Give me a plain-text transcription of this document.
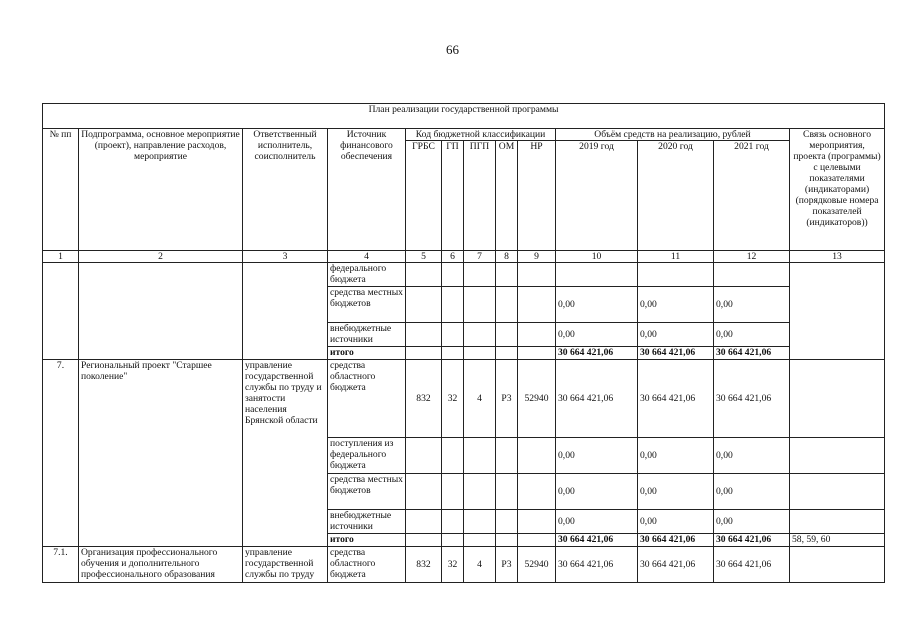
66
План реализации государственной программы												
№ пп	Подпрограмма, основное мероприятие (проект), направление расходов, мероприятие	Ответственный исполнитель, соисполнитель	Источник финансового обеспечения	Код бюджетной классификации					Объём средств на реализацию, рублей			Связь основного мероприятия, проекта (программы) с целевыми показателями (индикаторами) (порядковые номера показателей (индикаторов))
				ГРБС	ГП	ПГП	ОМ	НР	2019 год	2020 год	2021 год	
1	2	3	4	5	6	7	8	9	10	11	12	13
			федерального бюджета									
			средства местных бюджетов						0,00	0,00	0,00	
			внебюджетные источники						0,00	0,00	0,00	
			итого						30 664 421,06	30 664 421,06	30 664 421,06	
7.	Региональный проект "Старшее поколение"	управление государственной службы по труду и занятости населения Брянской области	средства областного бюджета	832	32	4	Р3	52940	30 664 421,06	30 664 421,06	30 664 421,06	
			поступления из федерального бюджета						0,00	0,00	0,00	
			средства местных бюджетов						0,00	0,00	0,00	
			внебюджетные источники						0,00	0,00	0,00	
			итого						30 664 421,06	30 664 421,06	30 664 421,06	58, 59, 60
7.1.	Организация профессионального обучения и дополнительного профессионального образования	управление государственной службы по труду	средства областного бюджета	832	32	4	Р3	52940	30 664 421,06	30 664 421,06	30 664 421,06	
